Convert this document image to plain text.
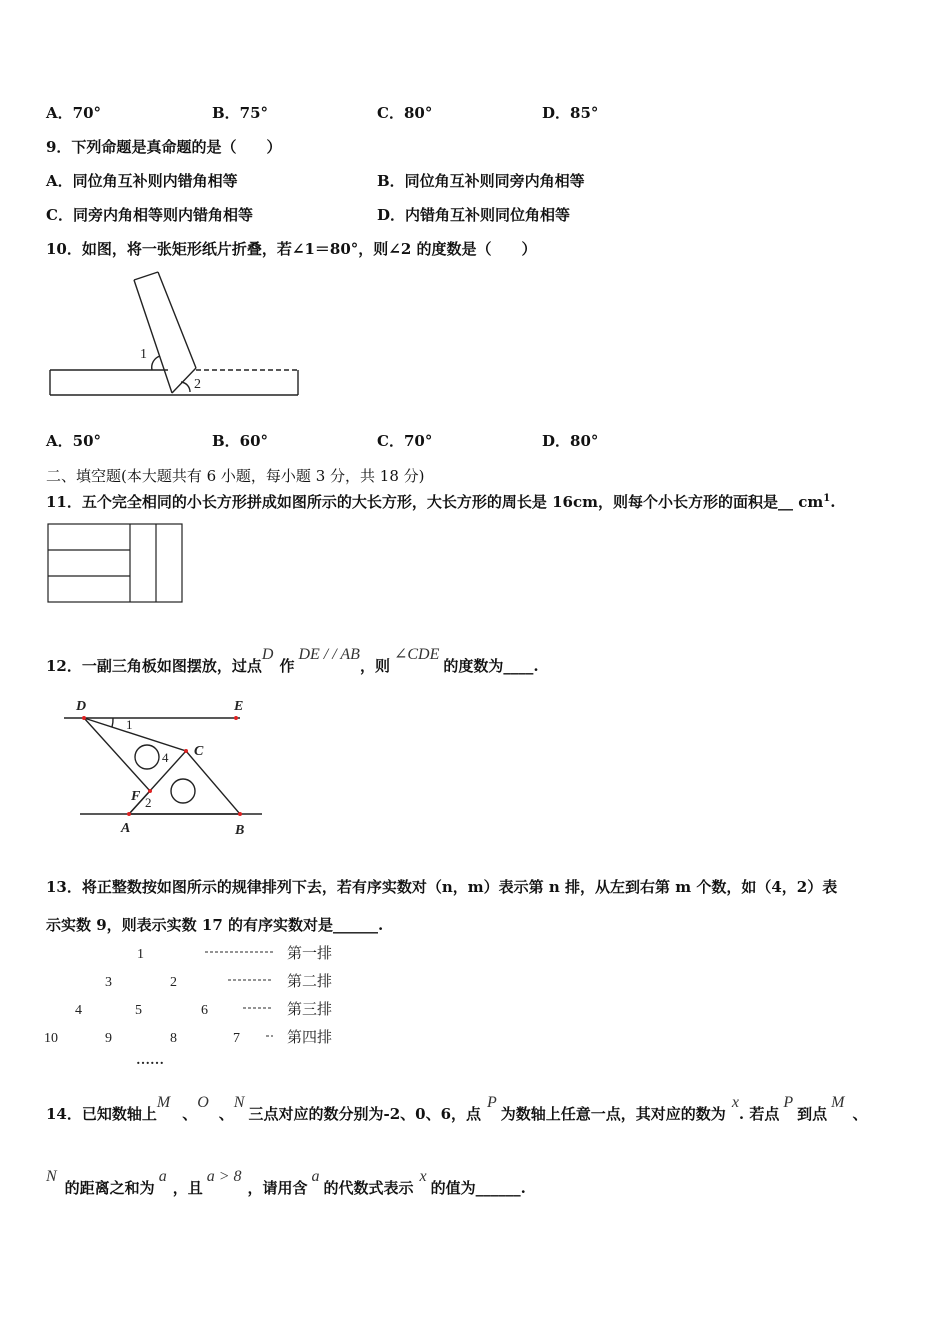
A．70°	B．75°	C．80°	D．85°
9．下列命题是真命题的是（　　）
A．同位角互补则内错角相等	B．同位角互补则同旁内角相等
C．同旁内角相等则内错角相等	D．内错角互补则同位角相等
10．如图，将一张矩形纸片折叠，若∠1＝80°，则∠2 的度数是（　　）
1
2
A．50°	B．60°	C．70°	D．80°
二、填空题(本大题共有 6 小题，每小题 3 分，共 18 分)
11．五个完全相同的小长方形拼成如图所示的大长方形，大长方形的周长是 16cm，则每个小长方形的面积是__ $cm^1$.
12．一副三角板如图摆放，过点D作DE / / AB，则∠CDE的度数为____.
D	E
C
F
A	B
1
4
2
13．将正整数按如图所示的规律排列下去，若有序实数对（n，m）表示第 n 排，从左到右第 m 个数，如（4，2）表
示实数 9，则表示实数 17 的有序实数对是______.
1
3	2
4	5	6
10	9	8	7
……
第一排
第二排
第三排
第四排
14．已知数轴上M、O、N三点对应的数分别为-2、0、6，点P为数轴上任意一点，其对应的数为x. 若点P到点M、
N

的距离之和为a，且a > 8，请用含a的代数式表示x的值为______.
